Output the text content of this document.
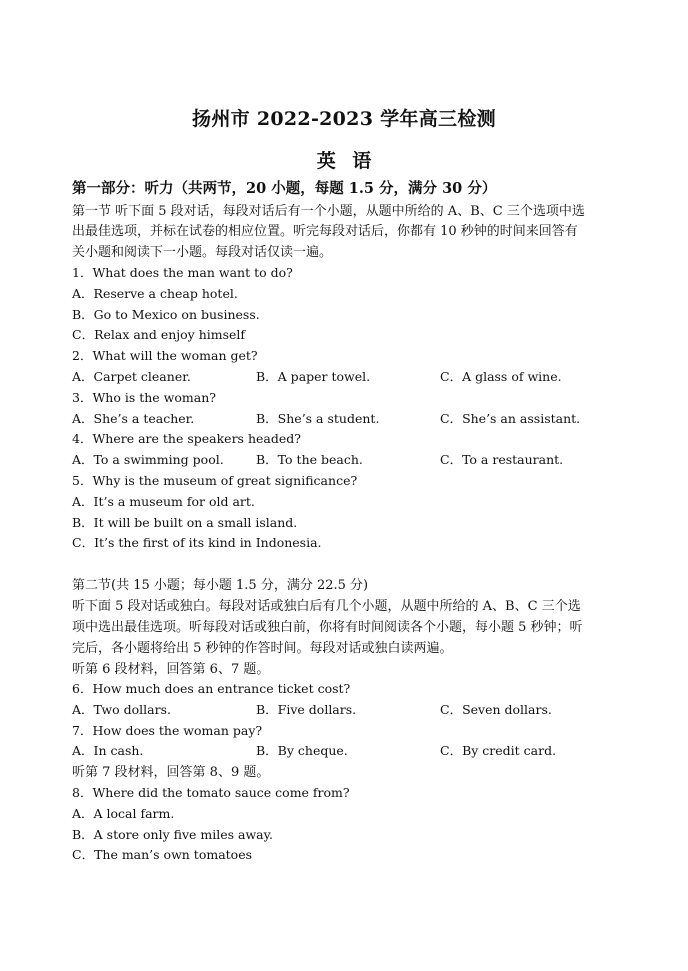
扬州市 2022-2023 学年高三检测
英 语
第一部分：听力（共两节，20 小题，每题 1.5 分，满分 30 分）
第一节 听下面 5 段对话，每段对话后有一个小题，从题中所给的 A、B、C 三个选项中选
出最佳选项，并标在试卷的相应位置。听完每段对话后，你都有 10 秒钟的时间来回答有
关小题和阅读下一小题。每段对话仅读一遍。
1．What does the man want to do?
A．Reserve a cheap hotel.
B．Go to Mexico on business.
C．Relax and enjoy himself
2．What will the woman get?
A．Carpet cleaner.	B．A paper towel.	C．A glass of wine.
3．Who is the woman?
A．She’s a teacher.	B．She’s a student.	C．She’s an assistant.
4．Where are the speakers headed?
A．To a swimming pool.	B．To the beach.	C．To a restaurant.
5．Why is the museum of great significance?
A．It’s a museum for old art.
B．It will be built on a small island.
C．It’s the first of its kind in Indonesia.
第二节(共 15 小题；每小题 1.5 分，满分 22.5 分)
听下面 5 段对话或独白。每段对话或独白后有几个小题，从题中所给的 A、B、C 三个选
项中选出最佳选项。听每段对话或独白前，你将有时间阅读各个小题，每小题 5 秒钟；听
完后，各小题将给出 5 秒钟的作答时间。每段对话或独白读两遍。
听第 6 段材料，回答第 6、7 题。
6．How much does an entrance ticket cost?
A．Two dollars.	B．Five dollars.	C．Seven dollars.
7．How does the woman pay?
A．In cash.	B．By cheque.	C．By credit card.
听第 7 段材料，回答第 8、9 题。
8．Where did the tomato sauce come from?
A．A local farm.
B．A store only five miles away.
C．The man’s own tomatoes
